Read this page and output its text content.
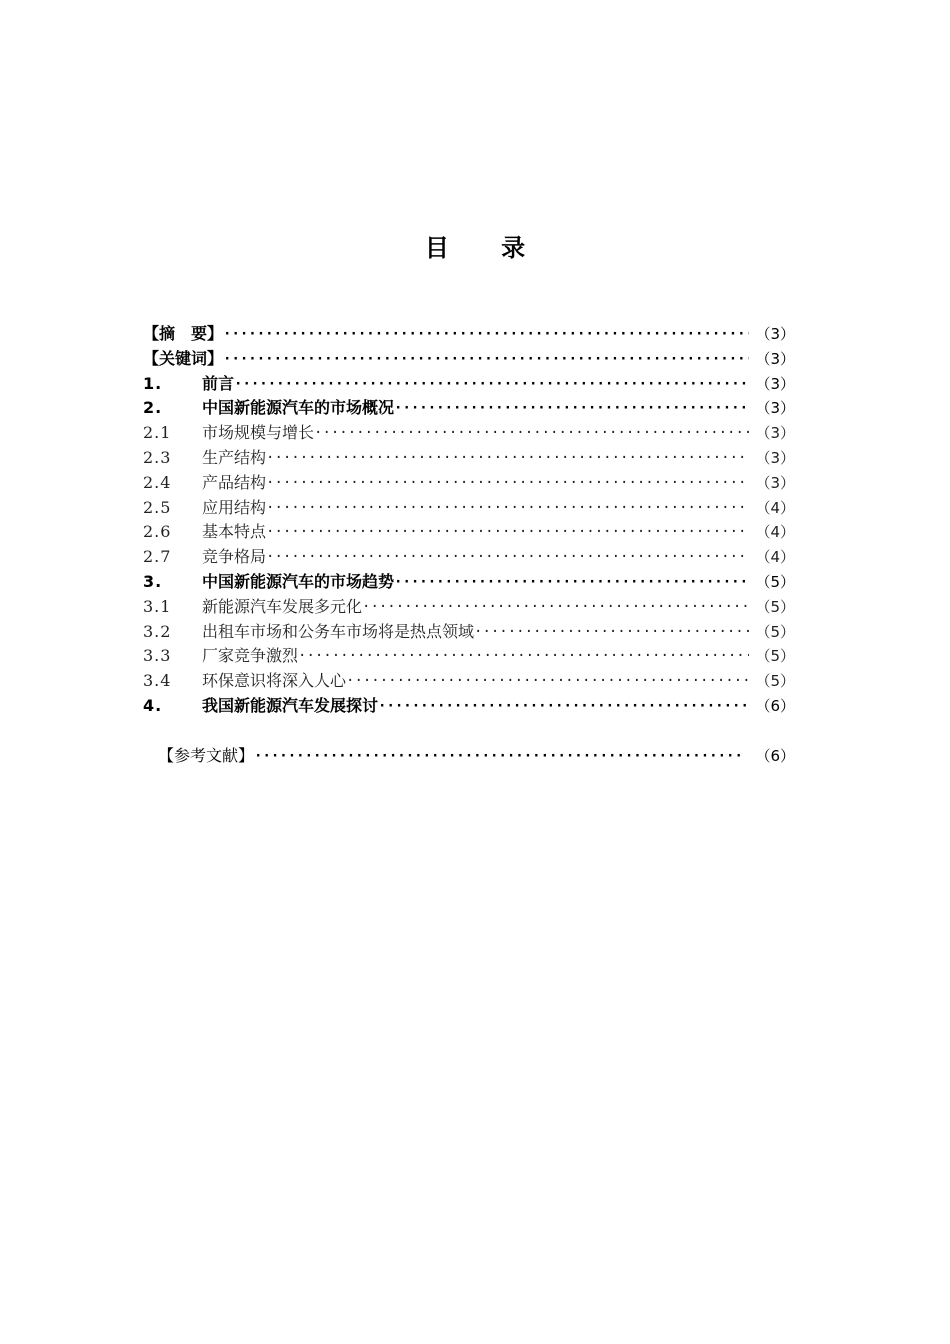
目 录
【摘　要】 ·····	（3）
【关键词】 ·····	（3）
1.	前言 ·····	（3）
2.	中国新能源汽车的市场概况 ·····	（3）
2.1	市场规模与增长 ·····	（3）
2.3	生产结构 ·····	（3）
2.4	产品结构 ·····	（3）
2.5	应用结构 ·····	（4）
2.6	基本特点 ·····	（4）
2.7	竞争格局 ·····	（4）
3.	中国新能源汽车的市场趋势 ·····	（5）
3.1	新能源汽车发展多元化 ·····	（5）
3.2	出租车市场和公务车市场将是热点领域 ·····	（5）
3.3	厂家竞争激烈 ·····	（5）
3.4	环保意识将深入人心 ·····	（5）
4.	我国新能源汽车发展探讨 ·····	（6）
【参考文献】 ·····	（6）
